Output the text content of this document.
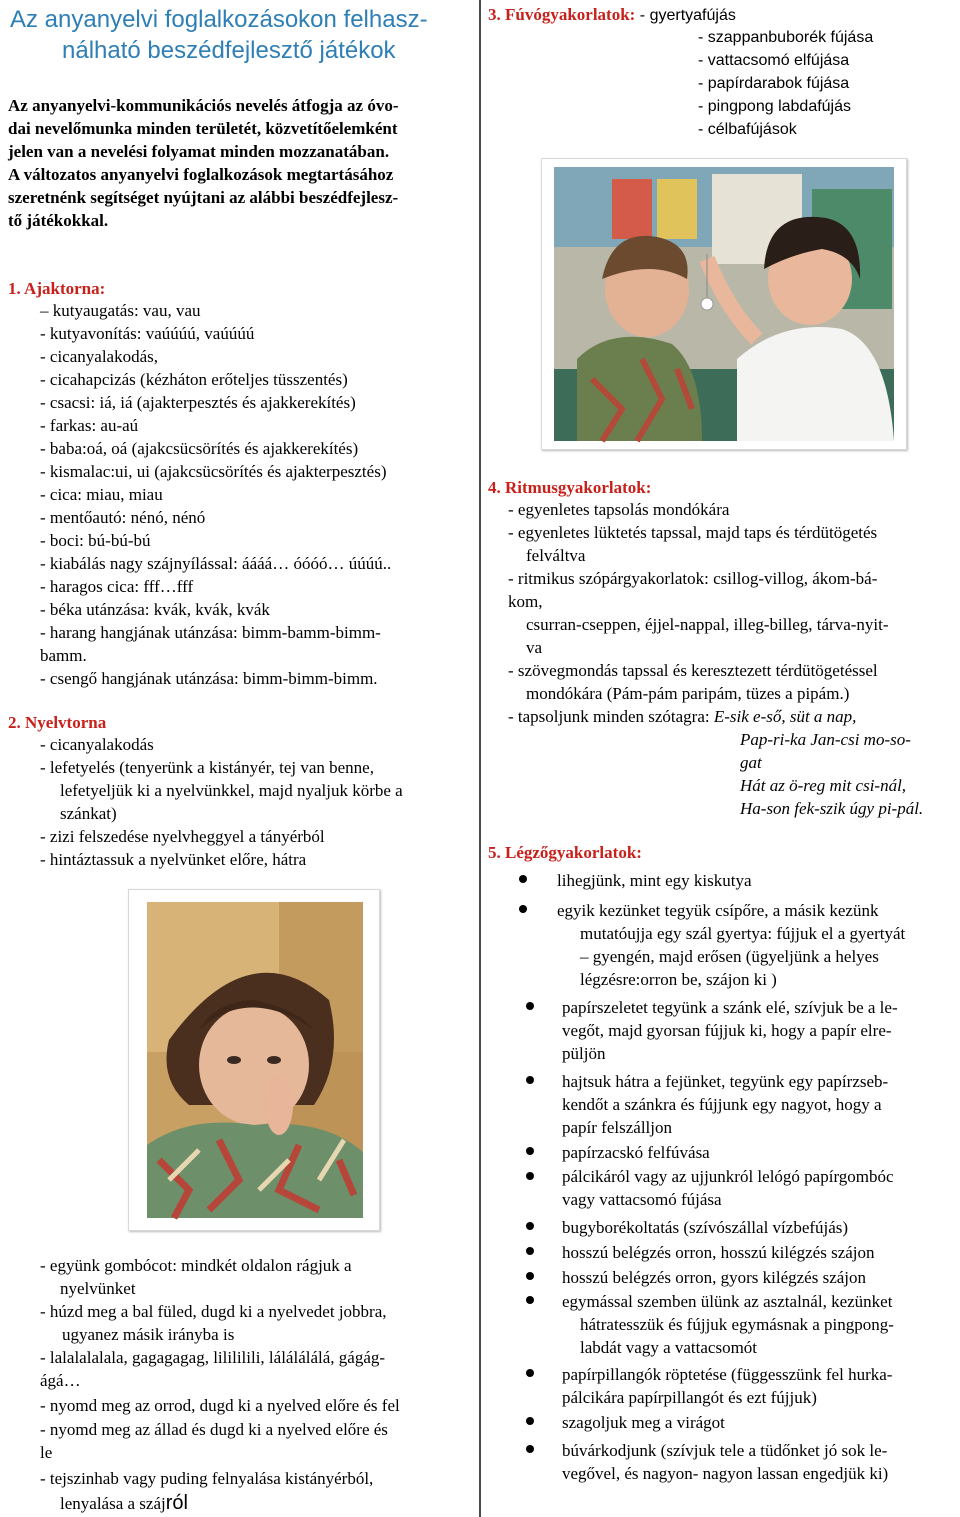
Az anyanyelvi foglalkozásokon felhasz-
nálható beszédfejlesztő játékok
Az anyanyelvi-kommunikációs nevelés átfogja az óvo-
dai nevelőmunka minden területét, közvetítőelemként
jelen van a nevelési folyamat minden mozzanatában.
A változatos anyanyelvi foglalkozások megtartásához
szeretnénk segítséget nyújtani az alábbi beszédfejlesz-
tő játékokkal.
1. Ajaktorna:
– kutyaugatás: vau, vau
- kutyavonítás: vaúúúú, vaúúúú
- cicanyalakodás,
- cicahapcizás (kézháton erőteljes tüsszentés)
- csacsi: iá, iá (ajakterpesztés és ajakkerekítés)
- farkas: au-aú
- baba:oá, oá (ajakcsücsörítés és ajakkerekítés)
- kismalac:ui, ui (ajakcsücsörítés és ajakterpesztés)
- cica: miau, miau
- mentőautó: nénó, nénó
- boci: bú-bú-bú
- kiabálás nagy szájnyílással: áááá… óóóó… úúúú..
- haragos cica: fff…fff
- béka utánzása: kvák, kvák, kvák
- harang hangjának utánzása: bimm-bamm-bimm-
bamm.
- csengő hangjának utánzása: bimm-bimm-bimm.
2. Nyelvtorna
- cicanyalakodás
- lefetyelés (tenyerünk a kistányér, tej van benne,
lefetyeljük ki a nyelvünkkel, majd nyaljuk körbe a
szánkat)
- zizi felszedése nyelvheggyel a tányérból
- hintáztassuk a nyelvünket előre, hátra
- együnk gombócot: mindkét oldalon rágjuk a
nyelvünket
- húzd meg a bal füled, dugd ki a nyelvedet jobbra,
ugyanez másik irányba is
- lalalalalala, gagagagag, lilililili, lálálálálá, gágág-
ágá…
- nyomd meg az orrod, dugd ki a nyelved előre és fel
- nyomd meg az állad és dugd ki a nyelved előre és
le
- tejszinhab vagy puding felnyalása kistányérból,
lenyalása a szájról
3. Fúvógyakorlatok: - gyertyafújás
- szappanbuborék fújása
- vattacsomó elfújása
- papírdarabok fújása
- pingpong labdafújás
- célbafújások
4. Ritmusgyakorlatok:
- egyenletes tapsolás mondókára
- egyenletes lüktetés tapssal, majd taps és térdütögetés
felváltva
- ritmikus szópárgyakorlatok: csillog-villog, ákom-bá-
kom,
csurran-cseppen, éjjel-nappal, illeg-billeg, tárva-nyit-
va
- szövegmondás tapssal és keresztezett térdütögetéssel
mondókára (Pám-pám paripám, tüzes a pipám.)
- tapsoljunk minden szótagra: E-sik e-ső, süt a nap,
Pap-ri-ka Jan-csi mo-so-
gat
Hát az ö-reg mit csi-nál,
Ha-son fek-szik úgy pi-pál.
5. Légzőgyakorlatok:
lihegjünk, mint egy kiskutya
egyik kezünket tegyük csípőre, a másik kezünk
mutatóujja egy szál gyertya: fújjuk el a gyertyát
– gyengén, majd erősen (ügyeljünk a helyes
légzésre:orron be, szájon ki )
papírszeletet tegyünk a szánk elé, szívjuk be a le-
vegőt, majd gyorsan fújjuk ki, hogy a papír elre-
püljön
hajtsuk hátra a fejünket, tegyünk egy papírzseb-
kendőt a szánkra és fújjunk egy nagyot, hogy a
papír felszálljon
papírzacskó felfúvása
pálcikáról vagy az ujjunkról lelógó papírgombóc
vagy vattacsomó fújása
bugyborékoltatás (szívószállal vízbefújás)
hosszú belégzés orron, hosszú kilégzés szájon
hosszú belégzés orron, gyors kilégzés szájon
egymással szemben ülünk az asztalnál, kezünket
hátratesszük és fújjuk egymásnak a pingpong-
labdát vagy a vattacsomót
papírpillangók röptetése (függesszünk fel hurka-
pálcikára papírpillangót és ezt fújjuk)
szagoljuk meg a virágot
búvárkodjunk (szívjuk tele a tüdőnket jó sok le-
vegővel, és nagyon- nagyon lassan engedjük ki)
